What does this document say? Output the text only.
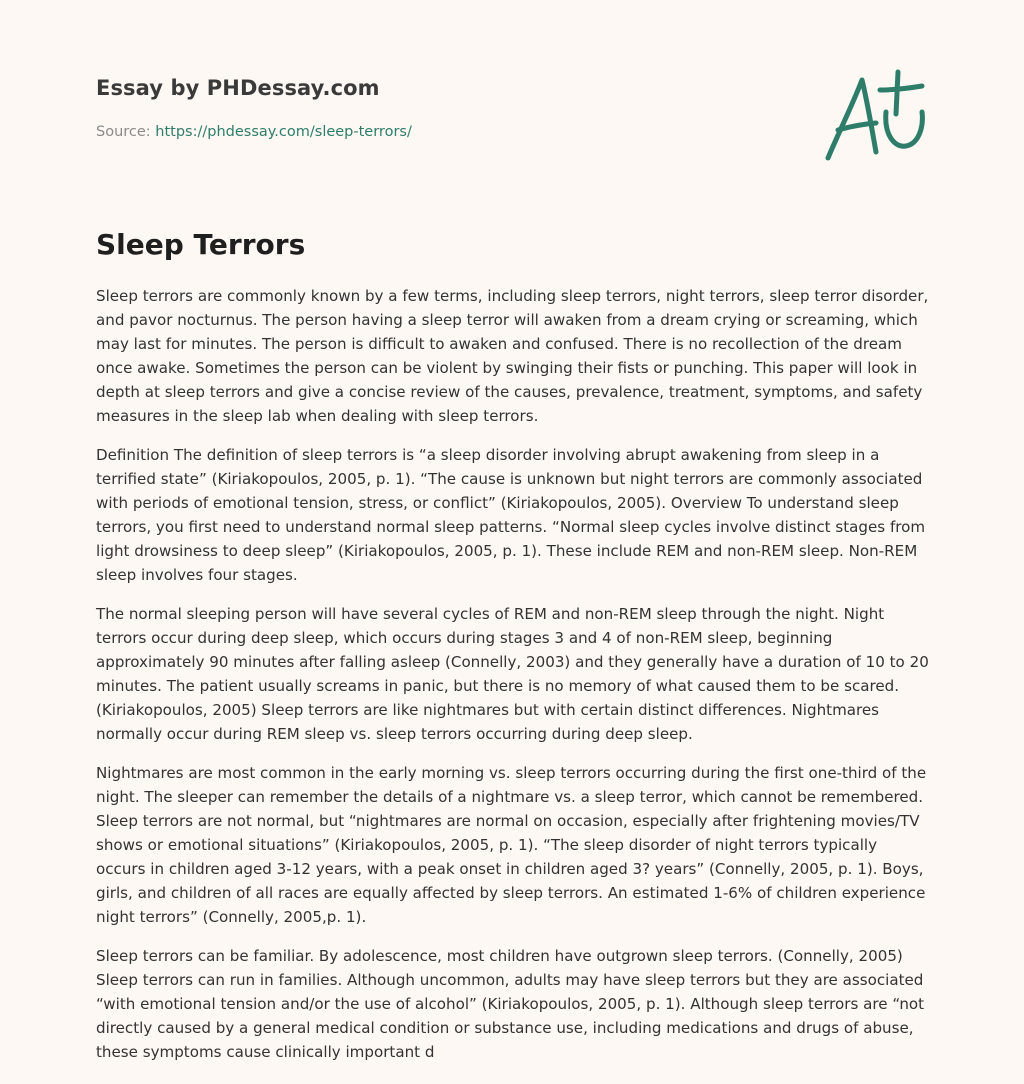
Essay by PHDessay.com
Source: https://phdessay.com/sleep-terrors/
Sleep Terrors

Sleep terrors are commonly known by a few terms, including sleep terrors, night terrors, sleep terror disorder, and pavor nocturnus. The person having a sleep terror will awaken from a dream crying or screaming, which may last for minutes. The person is difficult to awaken and confused. There is no recollection of the dream once awake. Sometimes the person can be violent by swinging their fists or punching. This paper will look in depth at sleep terrors and give a concise review of the causes, prevalence, treatment, symptoms, and safety measures in the sleep lab when dealing with sleep terrors.

Definition The definition of sleep terrors is “a sleep disorder involving abrupt awakening from sleep in a terrified state” (Kiriakopoulos, 2005, p. 1). “The cause is unknown but night terrors are commonly associated with periods of emotional tension, stress, or conflict” (Kiriakopoulos, 2005). Overview To understand sleep terrors, you first need to understand normal sleep patterns. “Normal sleep cycles involve distinct stages from light drowsiness to deep sleep” (Kiriakopoulos, 2005, p. 1). These include REM and non-REM sleep. Non-REM sleep involves four stages.

The normal sleeping person will have several cycles of REM and non-REM sleep through the night. Night terrors occur during deep sleep, which occurs during stages 3 and 4 of non-REM sleep, beginning approximately 90 minutes after falling asleep (Connelly, 2003) and they generally have a duration of 10 to 20 minutes. The patient usually screams in panic, but there is no memory of what caused them to be scared. (Kiriakopoulos, 2005) Sleep terrors are like nightmares but with certain distinct differences. Nightmares normally occur during REM sleep vs. sleep terrors occurring during deep sleep.

Nightmares are most common in the early morning vs. sleep terrors occurring during the first one-third of the night. The sleeper can remember the details of a nightmare vs. a sleep terror, which cannot be remembered. Sleep terrors are not normal, but “nightmares are normal on occasion, especially after frightening movies/TV shows or emotional situations” (Kiriakopoulos, 2005, p. 1). “The sleep disorder of night terrors typically occurs in children aged 3-12 years, with a peak onset in children aged 3? years” (Connelly, 2005, p. 1). Boys, girls, and children of all races are equally affected by sleep terrors. An estimated 1-6% of children experience night terrors” (Connelly, 2005,p. 1).

Sleep terrors can be familiar. By adolescence, most children have outgrown sleep terrors. (Connelly, 2005) Sleep terrors can run in families. Although uncommon, adults may have sleep terrors but they are associated “with emotional tension and/or the use of alcohol” (Kiriakopoulos, 2005, p. 1). Although sleep terrors are “not directly caused by a general medical condition or substance use, including medications and drugs of abuse, these symptoms cause clinically important d
